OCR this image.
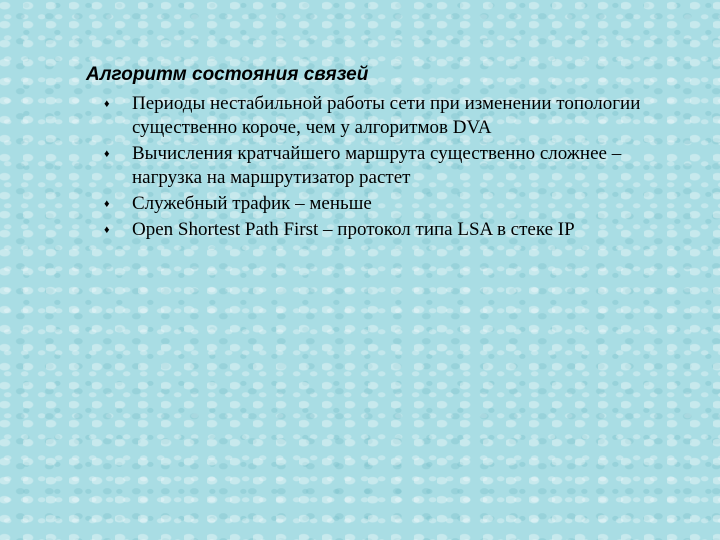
Алгоритм состояния связей
♦	Периоды нестабильной работы сети при изменении топологии существенно короче, чем у алгоритмов DVA
♦	Вычисления кратчайшего маршрута существенно сложнее – нагрузка на маршрутизатор растет
♦	Служебный трафик – меньше
♦	Open Shortest Path First – протокол типа LSA в стеке IP
